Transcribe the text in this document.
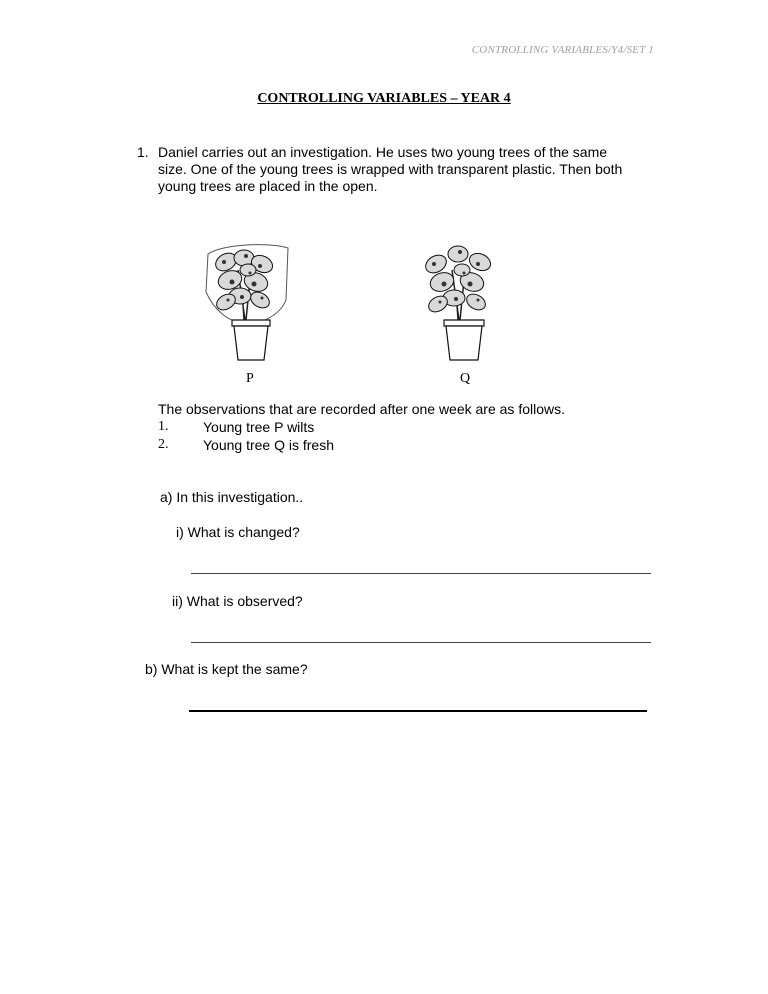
CONTROLLING VARIABLES/Y4/SET 1
CONTROLLING VARIABLES – YEAR 4
1. Daniel carries out an investigation. He uses two young trees of the same size. One of the young trees is wrapped with transparent plastic. Then both young trees are placed in the open.
P	Q
The observations that are recorded after one week are as follows.
1. Young tree P wilts
2. Young tree Q is fresh
a) In this investigation..
i) What is changed?
ii) What is observed?
b) What is kept the same?
